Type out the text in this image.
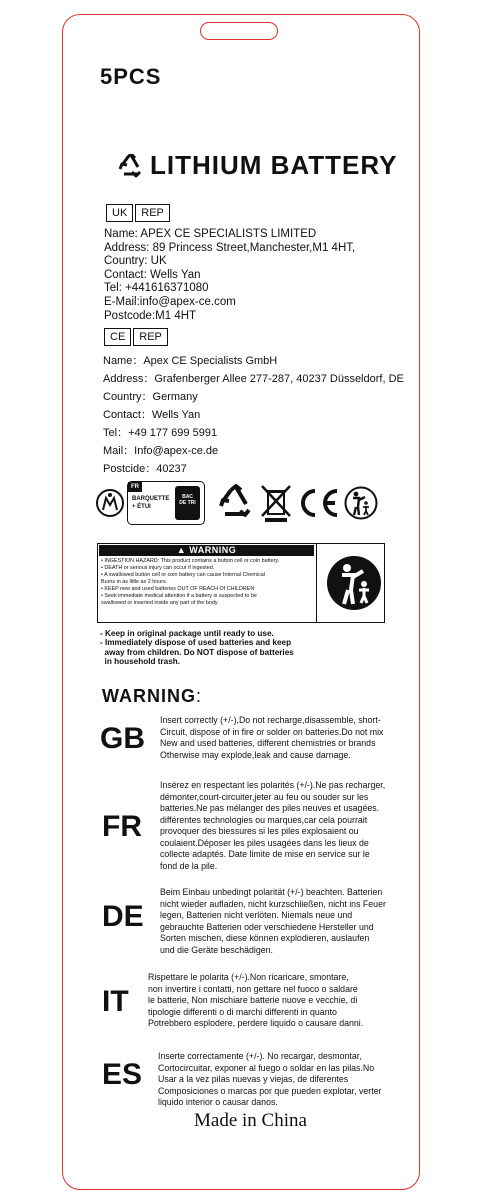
5PCS
LITHIUM BATTERY
UK	REP
Name: APEX CE SPECIALISTS LIMITED
Address: 89 Princess Street,Manchester,M1 4HT,
Country: UK
Contact: Wells Yan
Tel: +441616371080
E-Mail:info@apex-ce.com
Postcode:M1 4HT
CE	REP
Name：Apex CE Specialists GmbH
Address：Grafenberger Allee 277-287, 40237 Düsseldorf, DE
Country：Germany
Contact：Wells Yan
Tel：+49 177 699 5991
Mail：Info@apex-ce.de
Postcide：40237
FR
BARQUETTE
+ ÉTUI
BAC DE TRI
▲ WARNING
• INGESTION HAZARD: This product contains a button cell or coin battery.
• DEATH or serious injury can occur if ingested.
• A swallowed button cell or coin battery can cause Internal Chemical
Burns in as little as 2 hours.
• KEEP new and used batteries OUT OF REACH Of CHILDREN
• Seek immediate medical attention if a battery is suspected to be
swallowed or inserted inside any part of the body.
- Keep in original package until ready to use.
- Immediately dispose of used batteries and keep
away from children. Do NOT dispose of batteries
in household trash.
WARNING:
GB
Insert correctly (+/-),Do not recharge,disassemble, short-
Circuit, dispose of in fire or solder on batteries.Do not mix
New and used batteries, different chemistries or brands
Otherwise may explode,leak and cause darnage.
FR
Insérez en respectant les polarités (+/-).Ne pas recharger,
démonter,court-circuiter,jeter au feu ou souder sur les
batteries.Ne pas mélanger des piles neuves et usagées.
différentes technologies ou marques,car cela pourrait
provoquer des biessures si les piles explosaient ou
coulaient.Déposer les piles usagées dans les lieux de
collecte adaptés. Date limite de mise en service sur le
fond de la pile.
DE
Beim Einbau unbedingt polarität (+/-) beachten. Batterien
nicht wieder aufladen, nicht kurzschließen, nicht ins Feuer
legen, Batterien nicht verlöten. Niemals neue und
gebrauchte Batterien oder verschiedene Hersteller und
Sorten mischen, diese können explodieren, auslaufen
und die Geräte beschädigen.
IT
Rispettare le polarita (+/-).Non ricaricare, smontare,
non invertire i contatti, non gettare nel fuoco o saldare
le batterie, Non mischiare batterie nuove e vecchie, di
tipologie differenti o di marchi differenti in quanto
Potrebbero esplodere, perdere liquido o causare danni.
ES
Inserte correctamente (+/-). No recargar, desmontar,
Cortocircuitar, exponer al fuego o soldar en las pilas.No
Usar a la vez pilas nuevas y viejas, de diferentes
Composiciones o marcas por que pueden explotar, verter
liquido interior o causar danos.
Made in China
